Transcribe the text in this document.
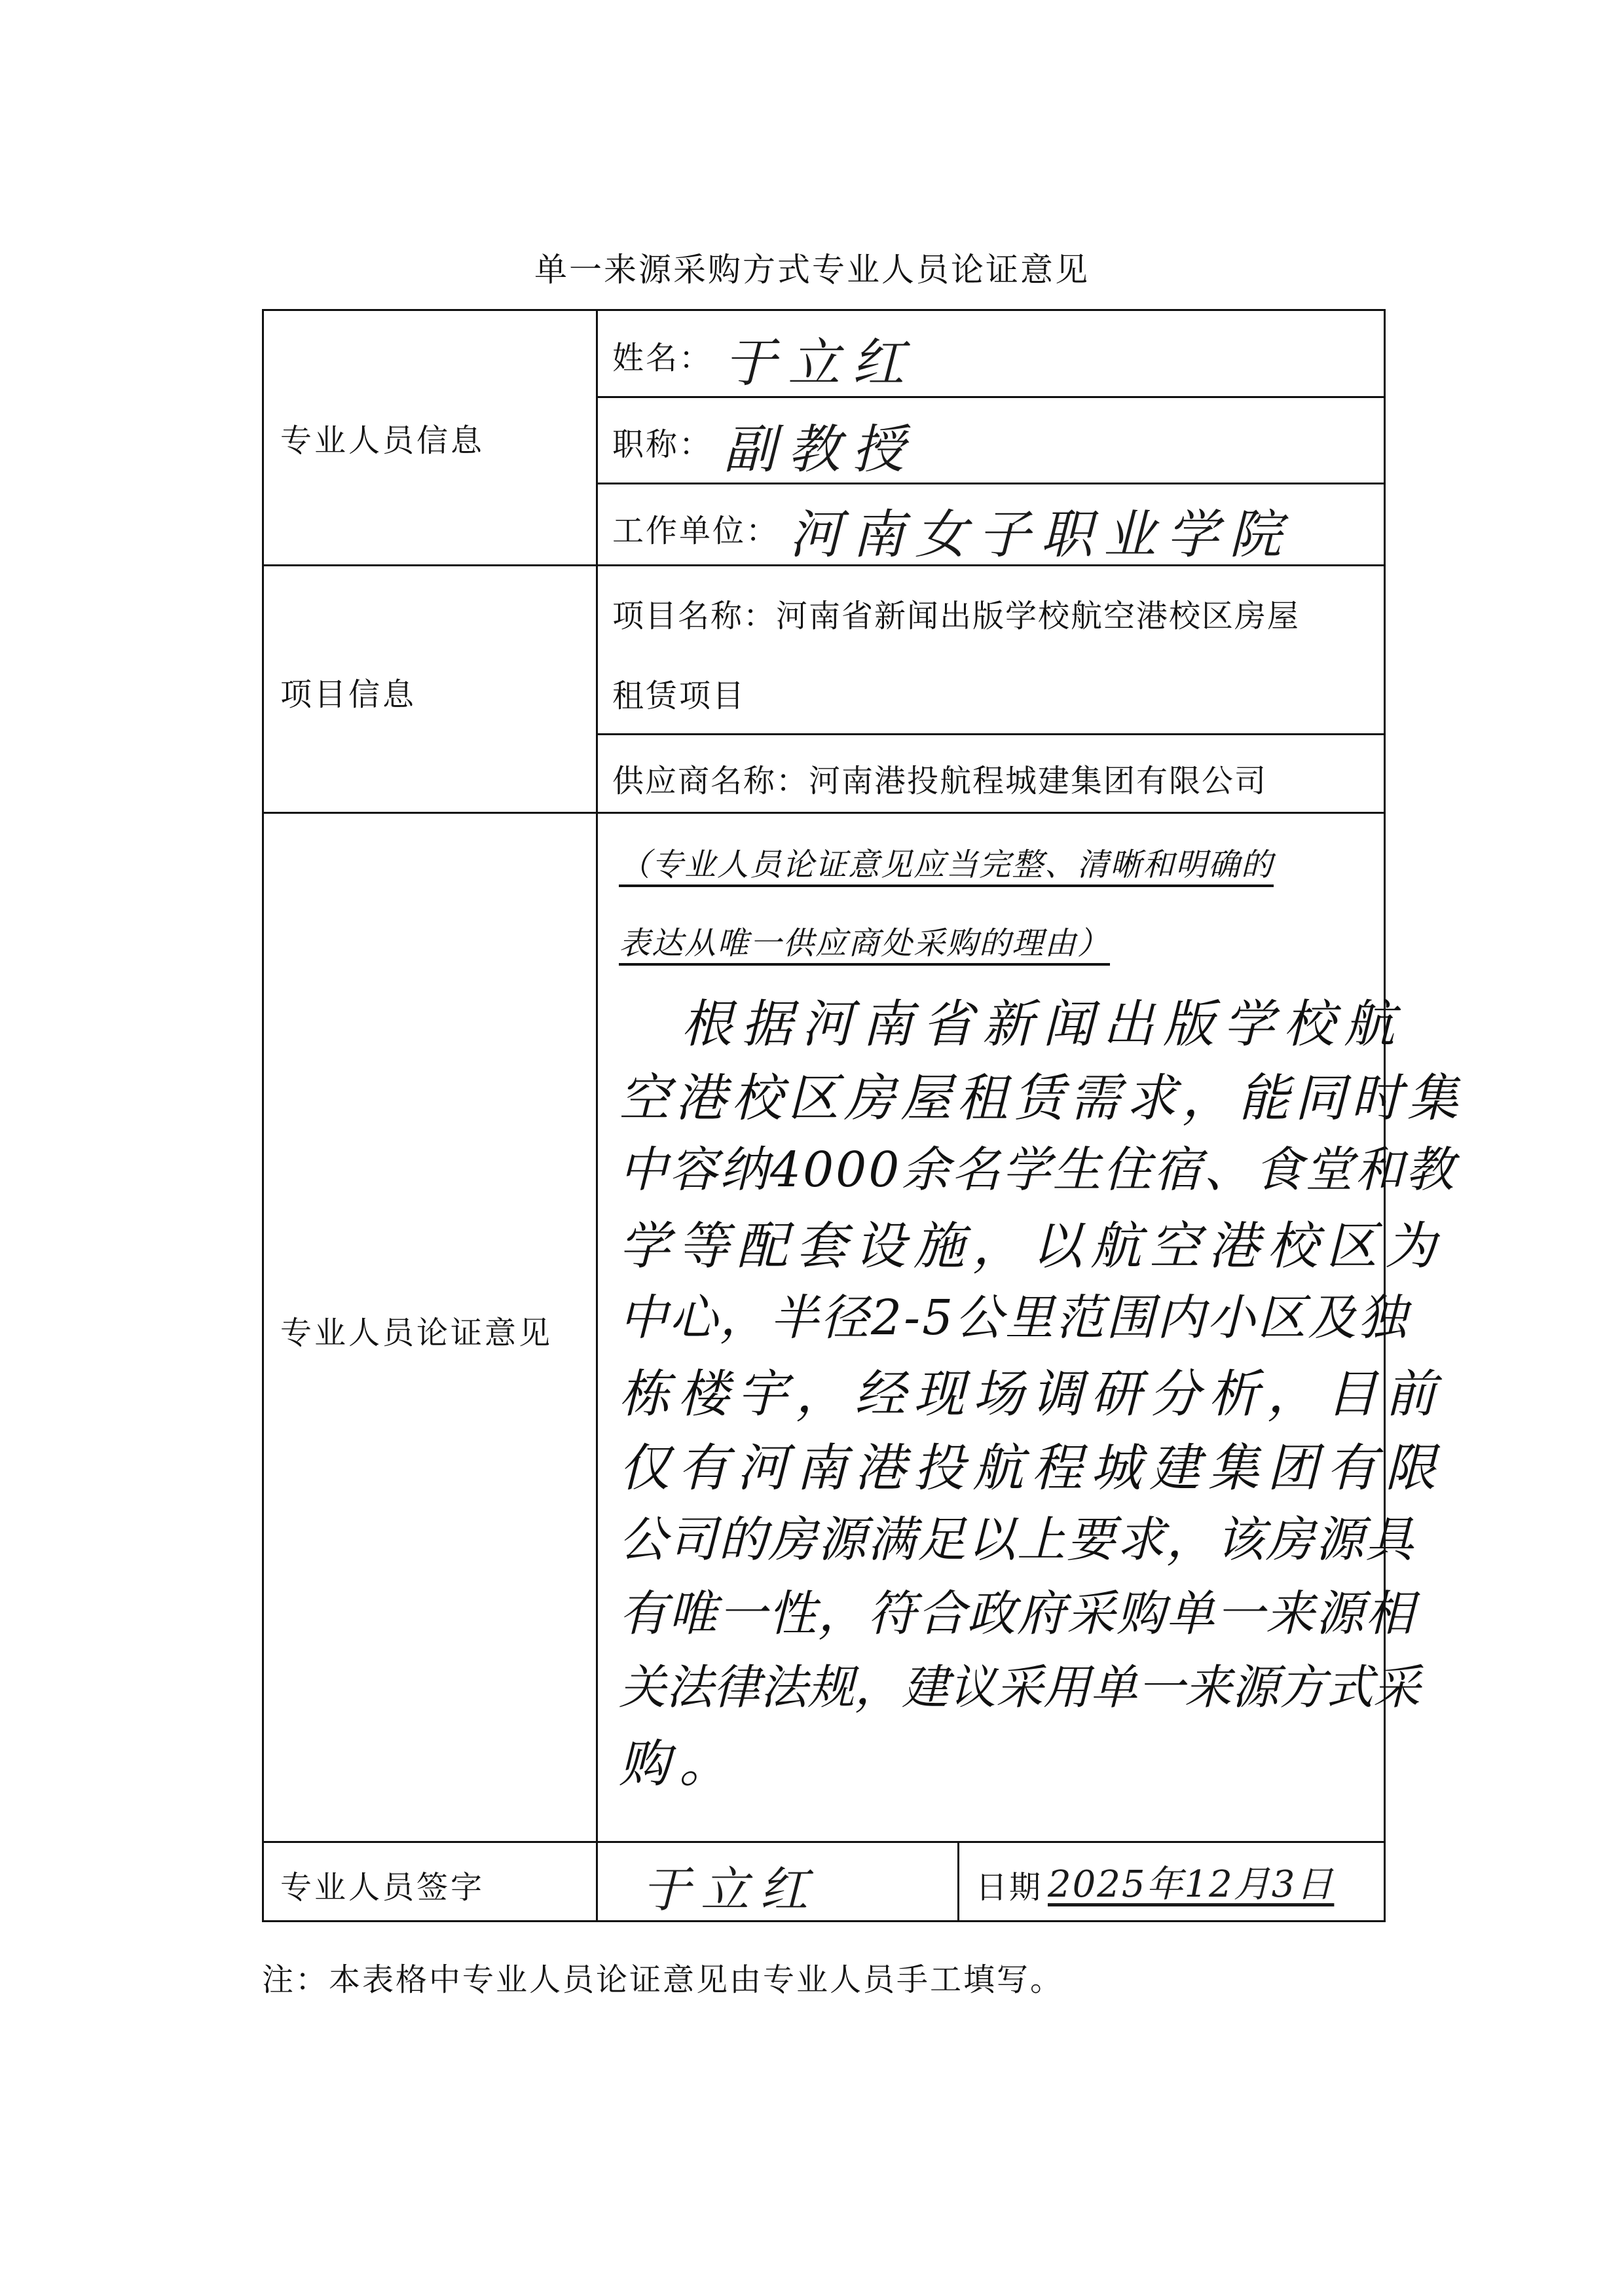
单一来源采购方式专业人员论证意见
专业人员信息
项目信息
专业人员论证意见
专业人员签字
姓名： 于立红
职称： 副教授
工作单位： 河南女子职业学院
项目名称：河南省新闻出版学校航空港校区房屋
租赁项目
供应商名称：河南港投航程城建集团有限公司
（专业人员论证意见应当完整、清晰和明确的
表达从唯一供应商处采购的理由）
根据河南省新闻出版学校航
空港校区房屋租赁需求，能同时集
中容纳4000余名学生住宿、食堂和教
学等配套设施，以航空港校区为
中心，半径2-5公里范围内小区及独
栋楼宇，经现场调研分析，目前
仅有河南港投航程城建集团有限
公司的房源满足以上要求，该房源具
有唯一性，符合政府采购单一来源相
关法律法规，建议采用单一来源方式采
购。
于立红	日期 2025年12月3日
注：本表格中专业人员论证意见由专业人员手工填写。
